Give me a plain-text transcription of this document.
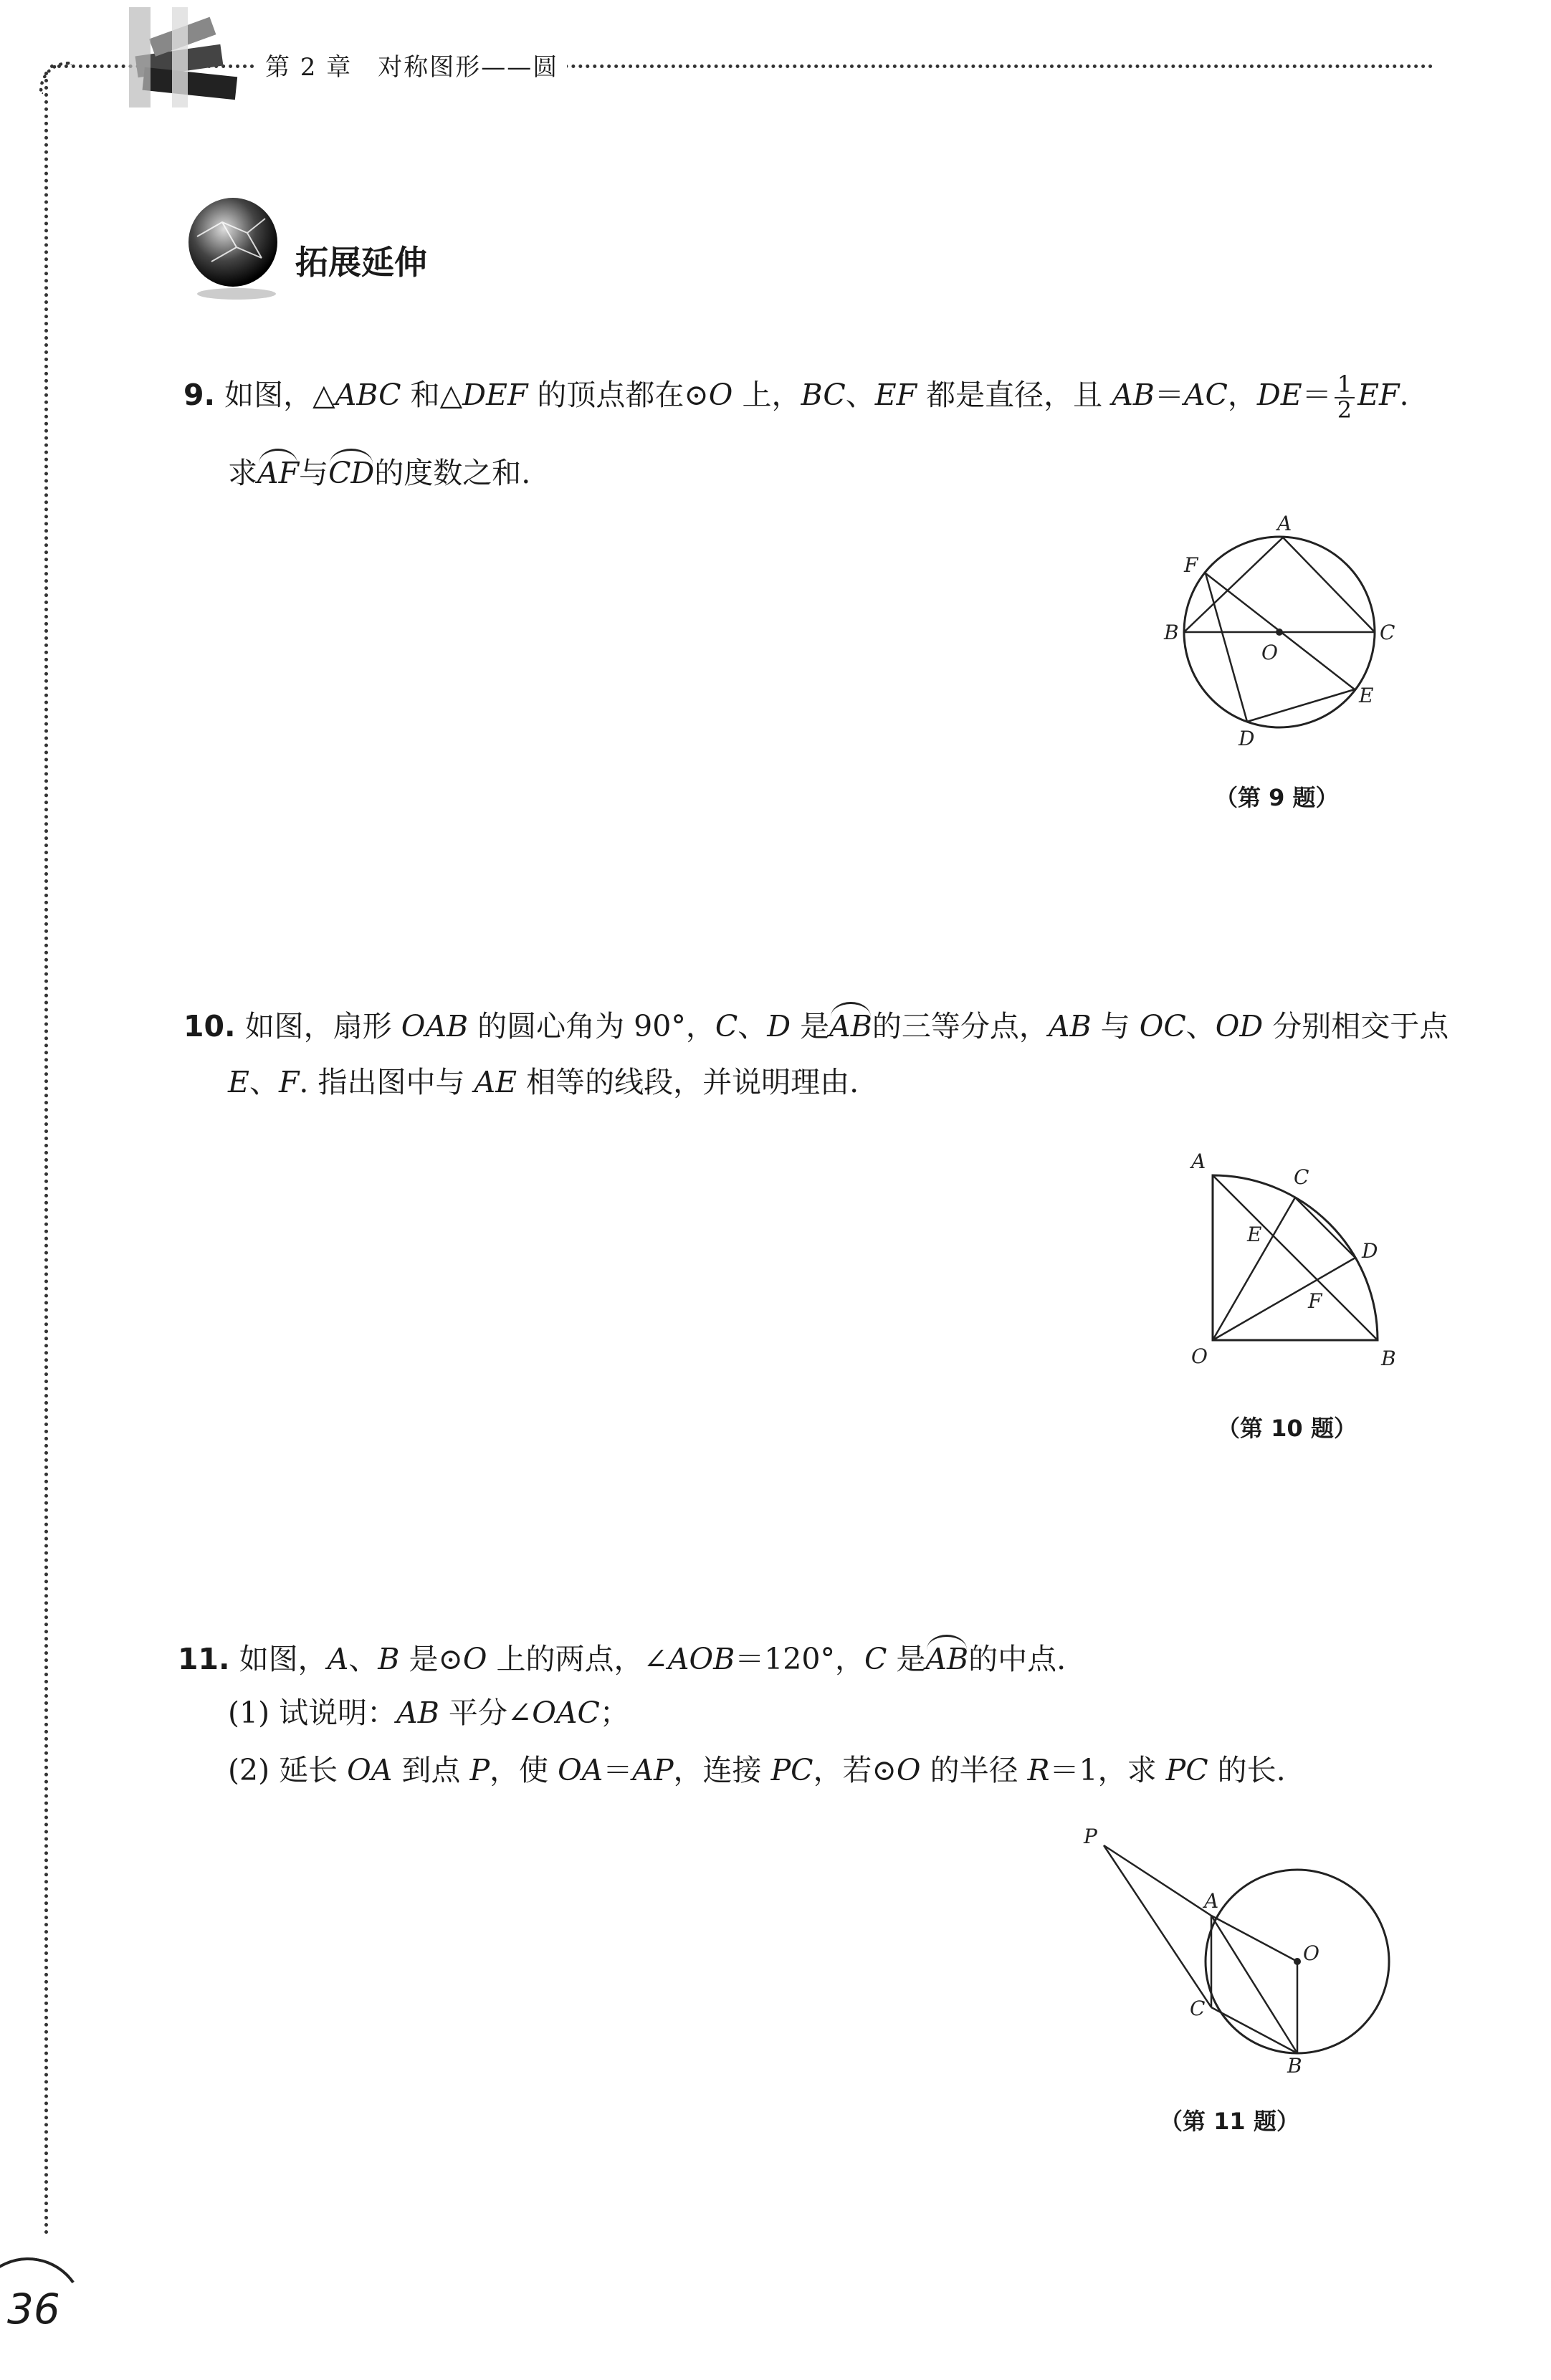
第 2 章　对称图形——圆
拓展延伸
9. 如图，△ABC 和△DEF 的顶点都在⊙O 上，BC、EF 都是直径，且 AB＝AC，$DE= \frac{1}{2}$ EF.
求AF与CD的度数之和.
A
B	C
D
E
F
O
（第 9 题）
10. 如图，扇形 OAB 的圆心角为 90°，C、D 是AB的三等分点，AB 与 OC、OD 分别相交于点
E、F. 指出图中与 AE 相等的线段，并说明理由.
A
B
C
D
E
F
O
（第 10 题）
11. 如图，A、B 是⊙O 上的两点，∠AOB＝120°，C 是AB的中点.
(1) 试说明：AB 平分∠OAC；
(2) 延长 OA 到点 P，使 OA＝AP，连接 PC，若⊙O 的半径 R＝1，求 PC 的长.
P
A
O
C
B
（第 11 题）
36
